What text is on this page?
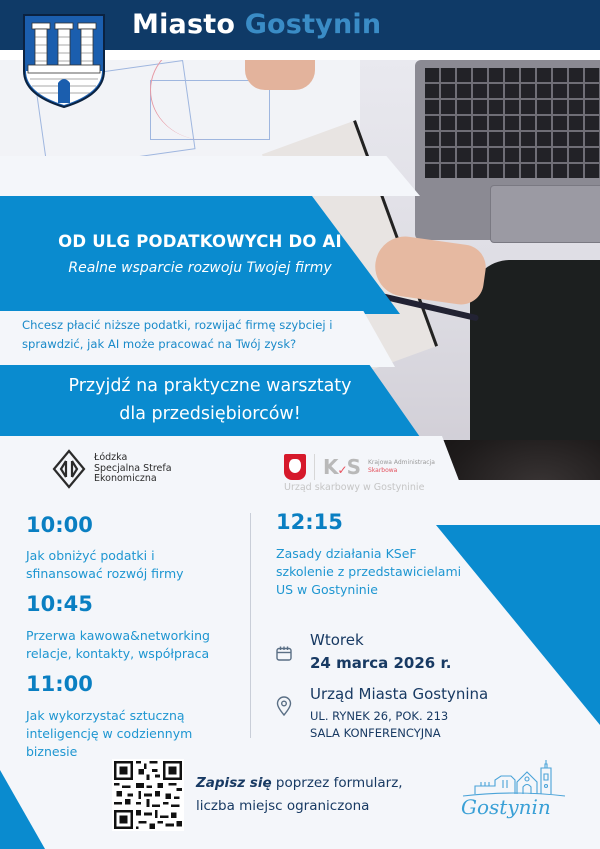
Miasto Gostynin
OD ULG PODATKOWYCH DO AI
Realne wsparcie rozwoju Twojej firmy
Chcesz płacić niższe podatki, rozwijać firmę szybciej i sprawdzić, jak AI może pracować na Twój zysk?
Przyjdź na praktyczne warsztaty
dla przedsiębiorców!
Łódzka
Specjalna Strefa
Ekonomiczna	K✓S Krajowa Administracja
Skarbowa
Urząd skarbowy w Gostyninie
10:00
Jak obniżyć podatki i
sfinansować rozwój firmy
10:45
Przerwa kawowa&networking
relacje, kontakty, współpraca
11:00
Jak wykorzystać sztuczną
inteligencję w codziennym
biznesie
12:15
Zasady działania KSeF
szkolenie z przedstawicielami
US w Gostyninie
Wtorek
24 marca 2026 r.
Urząd Miasta Gostynina
UL. RYNEK 26, POK. 213
SALA KONFERENCYJNA
Zapisz się poprzez formularz,
liczba miejsc ograniczona	Gostynin
